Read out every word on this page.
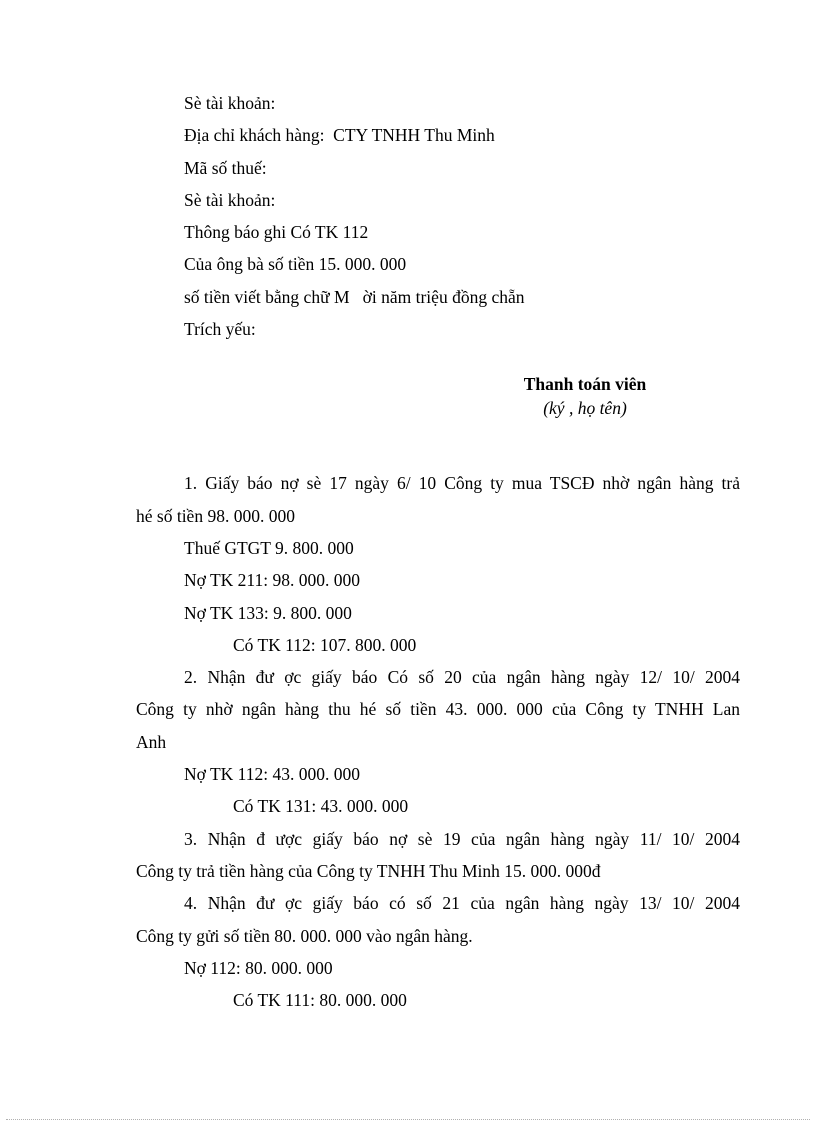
Sè tài khoản:
Địa chỉ khách hàng:  CTY TNHH Thu Minh
Mã số thuế:
Sè tài khoản:
Thông báo ghi Có TK 112
Của ông bà số tiền 15. 000. 000
số tiền viết bằng chữ M   ời năm triệu đồng chẵn
Trích yếu:
Thanh toán viên
(ký , họ tên)
1. Giấy báo nợ sè 17 ngày 6/ 10 Công ty mua TSCĐ nhờ ngân hàng trả
hé số tiền 98. 000. 000
Thuế GTGT 9. 800. 000
Nợ TK 211: 98. 000. 000
Nợ TK 133: 9. 800. 000
Có TK 112: 107. 800. 000
2. Nhận đư ợc giấy báo Có số 20 của ngân hàng ngày 12/ 10/ 2004
Công ty nhờ ngân hàng thu hé số tiền 43. 000. 000 của Công ty TNHH Lan
Anh
Nợ TK 112: 43. 000. 000
Có TK 131: 43. 000. 000
3. Nhận đ ược giấy báo nợ sè 19 của ngân hàng ngày 11/ 10/ 2004
Công ty trả tiền hàng của Công ty TNHH Thu Minh 15. 000. 000đ
4. Nhận đư ợc giấy báo có số 21 của ngân hàng ngày 13/ 10/ 2004
Công ty gửi số tiền 80. 000. 000 vào ngân hàng.
Nợ 112: 80. 000. 000
Có TK 111: 80. 000. 000
